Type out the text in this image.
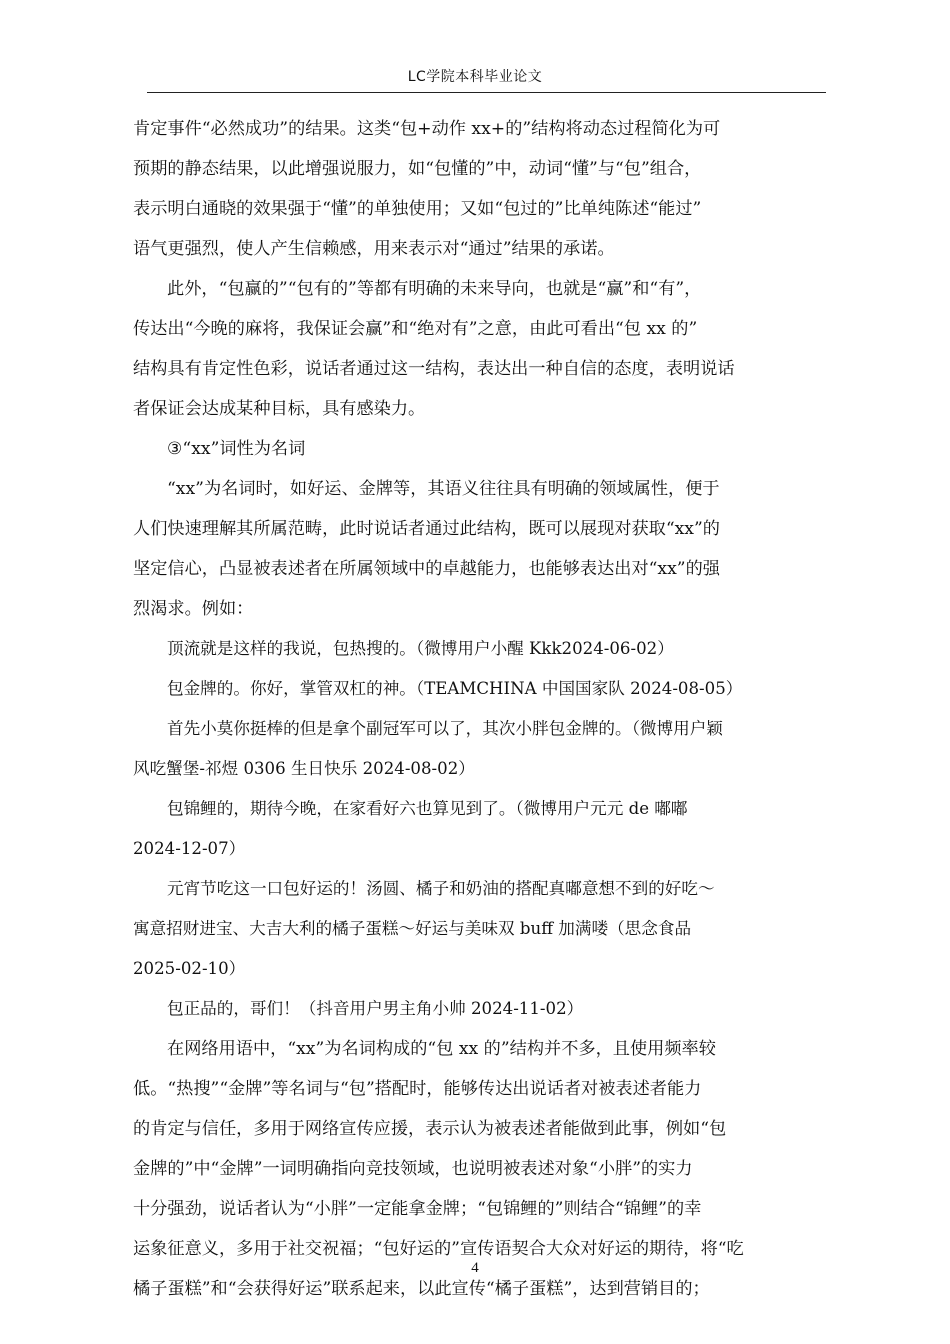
LC学院本科毕业论文
肯定事件“必然成功”的结果。这类“包+动作 xx+的”结构将动态过程简化为可
预期的静态结果，以此增强说服力，如“包懂的”中，动词“懂”与“包”组合，
表示明白通晓的效果强于“懂”的单独使用；又如“包过的”比单纯陈述“能过”
语气更强烈，使人产生信赖感，用来表示对“通过”结果的承诺。
此外，“包赢的”“包有的”等都有明确的未来导向，也就是“赢”和“有”，
传达出“今晚的麻将，我保证会赢”和“绝对有”之意，由此可看出“包 xx 的”
结构具有肯定性色彩，说话者通过这一结构，表达出一种自信的态度，表明说话
者保证会达成某种目标，具有感染力。
③“xx”词性为名词
“xx”为名词时，如好运、金牌等，其语义往往具有明确的领域属性，便于
人们快速理解其所属范畴，此时说话者通过此结构，既可以展现对获取“xx”的
坚定信心，凸显被表述者在所属领域中的卓越能力，也能够表达出对“xx”的强
烈渴求。例如：
顶流就是这样的我说，包热搜的。（微博用户小醒 Kkk2024-06-02）
包金牌的。你好，掌管双杠的神。（TEAMCHINA 中国国家队 2024-08-05）
首先小莫你挺棒的但是拿个副冠军可以了，其次小胖包金牌的。（微博用户颖
风吃蟹堡-祁煜 0306 生日快乐 2024-08-02）
包锦鲤的，期待今晚，在家看好六也算见到了。（微博用户元元 de 嘟嘟
2024-12-07）
元宵节吃这一口包好运的！汤圆、橘子和奶油的搭配真嘟意想不到的好吃～
寓意招财进宝、大吉大利的橘子蛋糕～好运与美味双 buff 加满喽（思念食品
2025-02-10）
包正品的，哥们！（抖音用户男主角小帅 2024-11-02）
在网络用语中，“xx”为名词构成的“包 xx 的”结构并不多，且使用频率较
低。“热搜”“金牌”等名词与“包”搭配时，能够传达出说话者对被表述者能力
的肯定与信任，多用于网络宣传应援，表示认为被表述者能做到此事，例如“包
金牌的”中“金牌”一词明确指向竞技领域，也说明被表述对象“小胖”的实力
十分强劲，说话者认为“小胖”一定能拿金牌；“包锦鲤的”则结合“锦鲤”的幸
运象征意义，多用于社交祝福；“包好运的”宣传语契合大众对好运的期待，将“吃
橘子蛋糕”和“会获得好运”联系起来，以此宣传“橘子蛋糕”，达到营销目的；
4
